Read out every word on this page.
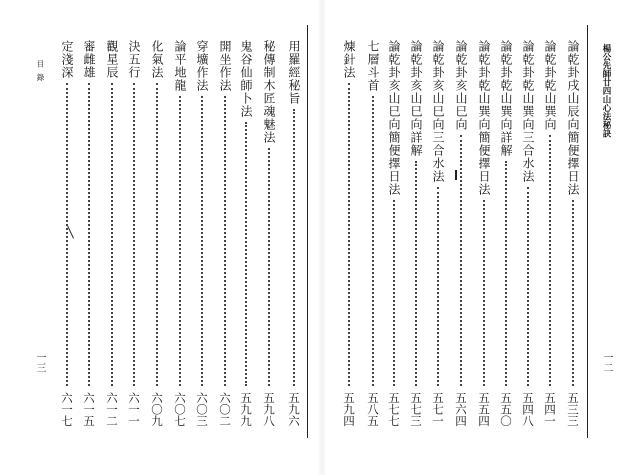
目錄
一三
用羅經秘旨
五九六
秘傳制木匠魂魅法
五九八
鬼谷仙師卜法
五九九
開坐作法
六〇二
穿壙作法
六〇三
論平地龍
六〇七
化氣法
六〇九
決五行
六一一
觀星辰
六一二
審雌雄
六一五
定淺深
六一七
楊公先師廿四山心法秘訣
一二
論乾卦戌山辰向簡便擇日法
五三三
論乾卦乾山巽向
五四一
論乾卦乾山巽向三合水法
五四八
論乾卦乾山巽向詳解
五五〇
論乾卦乾山巽向簡便擇日法
五五四
論乾卦亥山巳向
五六四
論乾卦亥山巳向三合水法
五七一
論乾卦亥山巳向詳解
五七三
論乾卦亥山巳向簡便擇日法
五七七
七層斗首
五八五
煉針法
五九四
